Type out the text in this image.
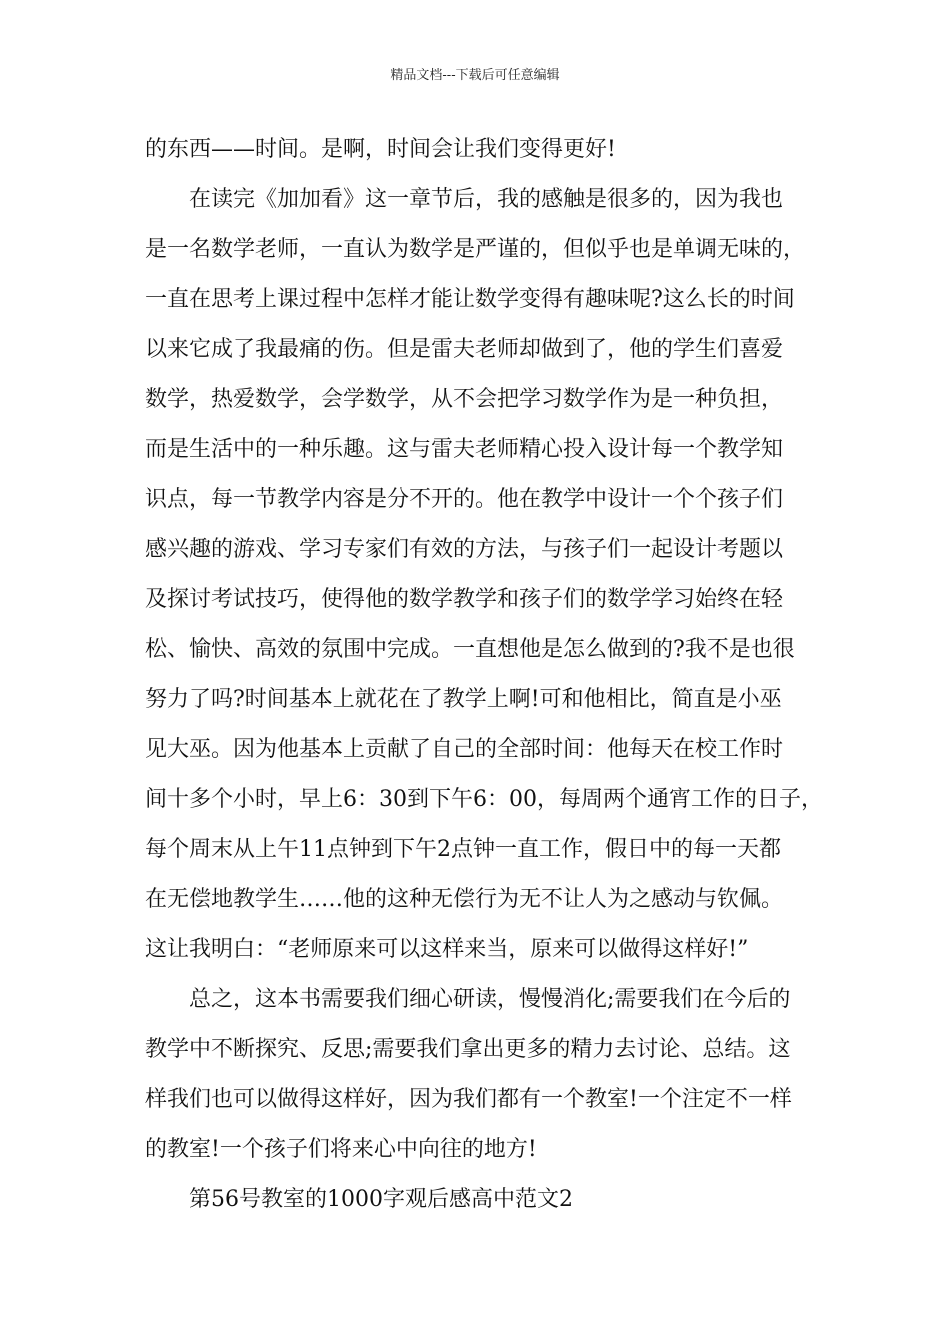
精品文档---下载后可任意编辑
的东西——时间。是啊，时间会让我们变得更好!
在读完《加加看》这一章节后，我的感触是很多的，因为我也
是一名数学老师，一直认为数学是严谨的，但似乎也是单调无味的，
一直在思考上课过程中怎样才能让数学变得有趣味呢?这么长的时间
以来它成了我最痛的伤。但是雷夫老师却做到了，他的学生们喜爱
数学，热爱数学，会学数学，从不会把学习数学作为是一种负担，
而是生活中的一种乐趣。这与雷夫老师精心投入设计每一个教学知
识点，每一节教学内容是分不开的。他在教学中设计一个个孩子们
感兴趣的游戏、学习专家们有效的方法，与孩子们一起设计考题以
及探讨考试技巧，使得他的数学教学和孩子们的数学学习始终在轻
松、愉快、高效的氛围中完成。一直想他是怎么做到的?我不是也很
努力了吗?时间基本上就花在了教学上啊!可和他相比，简直是小巫
见大巫。因为他基本上贡献了自己的全部时间：他每天在校工作时
间十多个小时，早上6：30到下午6：00，每周两个通宵工作的日子，
每个周末从上午11点钟到下午2点钟一直工作，假日中的每一天都
在无偿地教学生……他的这种无偿行为无不让人为之感动与钦佩。
这让我明白：“老师原来可以这样来当，原来可以做得这样好!”
总之，这本书需要我们细心研读，慢慢消化;需要我们在今后的
教学中不断探究、反思;需要我们拿出更多的精力去讨论、总结。这
样我们也可以做得这样好，因为我们都有一个教室!一个注定不一样
的教室!一个孩子们将来心中向往的地方!
第56号教室的1000字观后感高中范文2
